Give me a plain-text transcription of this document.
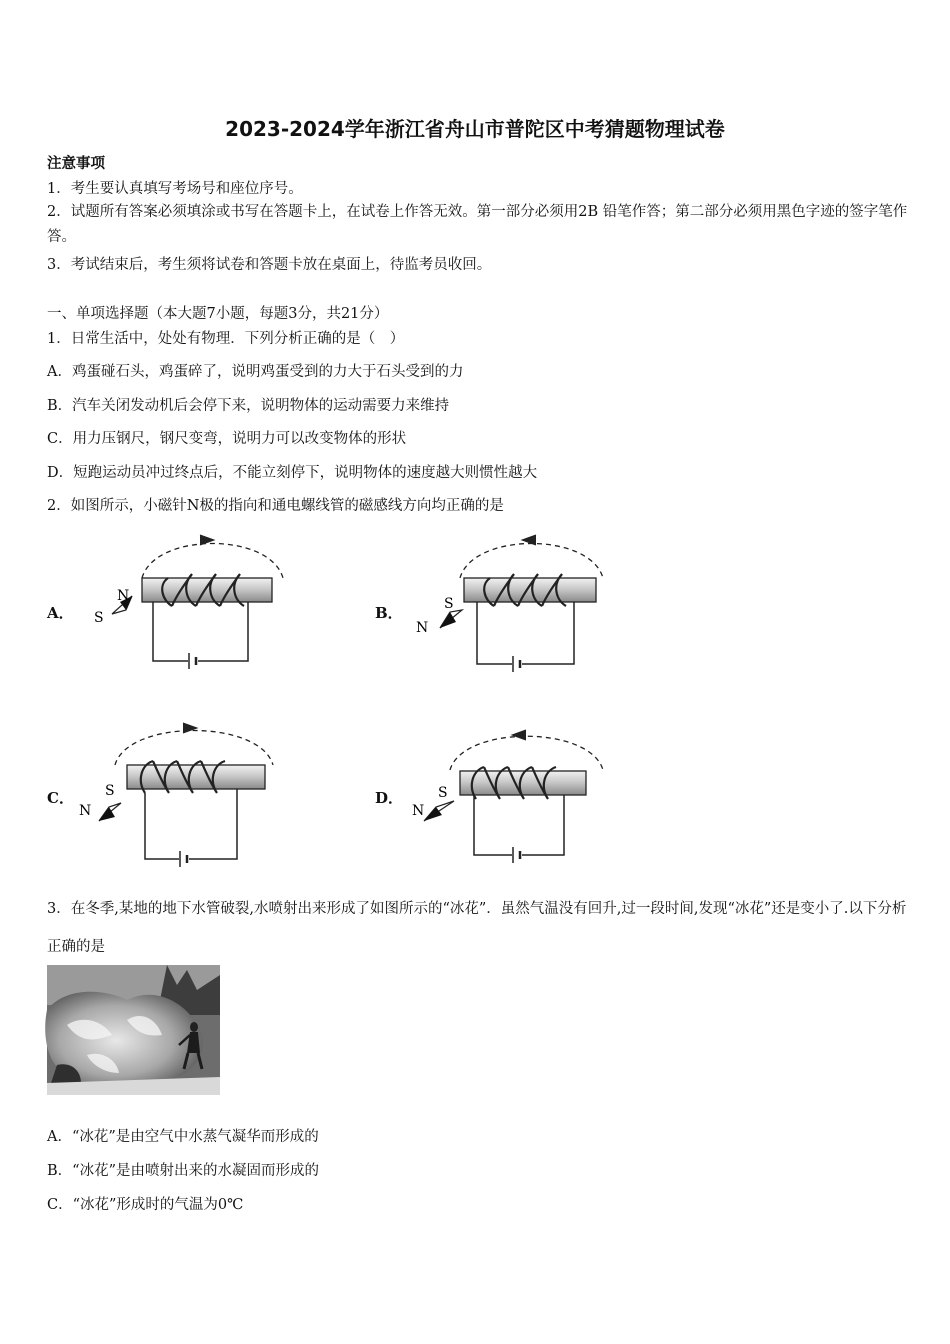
2023-2024学年浙江省舟山市普陀区中考猜题物理试卷
注意事项
1．考生要认真填写考场号和座位序号。
2．试题所有答案必须填涂或书写在答题卡上，在试卷上作答无效。第一部分必须用2B 铅笔作答；第二部分必须用黑色字迹的签字笔作答。
3．考试结束后，考生须将试卷和答题卡放在桌面上，待监考员收回。
一、单项选择题（本大题7小题，每题3分，共21分）
1．日常生活中，处处有物理．下列分析正确的是（　）
A．鸡蛋碰石头，鸡蛋碎了，说明鸡蛋受到的力大于石头受到的力
B．汽车关闭发动机后会停下来，说明物体的运动需要力来维持
C．用力压钢尺，钢尺变弯，说明力可以改变物体的形状
D．短跑运动员冲过终点后，不能立刻停下，说明物体的速度越大则惯性越大
2．如图所示，小磁针N极的指向和通电螺线管的磁感线方向均正确的是
A．
N
S	B．	S
N
C． S
N
D． S
N
3．在冬季,某地的地下水管破裂,水喷射出来形成了如图所示的“冰花”．虽然气温没有回升,过一段时间,发现“冰花”还是变小了.以下分析正确的是
A．“冰花”是由空气中水蒸气凝华而形成的
B．“冰花”是由喷射出来的水凝固而形成的
C．“冰花”形成时的气温为0℃
